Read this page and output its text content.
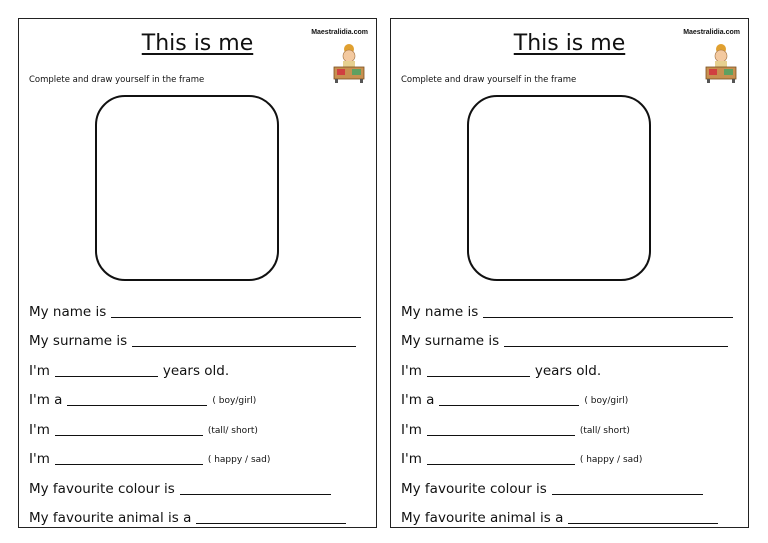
Maestralidia.com
This is me
Complete and draw yourself in the frame
My name is
My surname is
I'm	years old.
I'm a	( boy/girl)
I'm	(tall/ short)
I'm	( happy / sad)
My favourite colour is
My favourite animal is a
Maestralidia.com
This is me
Complete and draw yourself in the frame
My name is
My surname is
I'm	years old.
I'm a	( boy/girl)
I'm	(tall/ short)
I'm	( happy / sad)
My favourite colour is
My favourite animal is a
